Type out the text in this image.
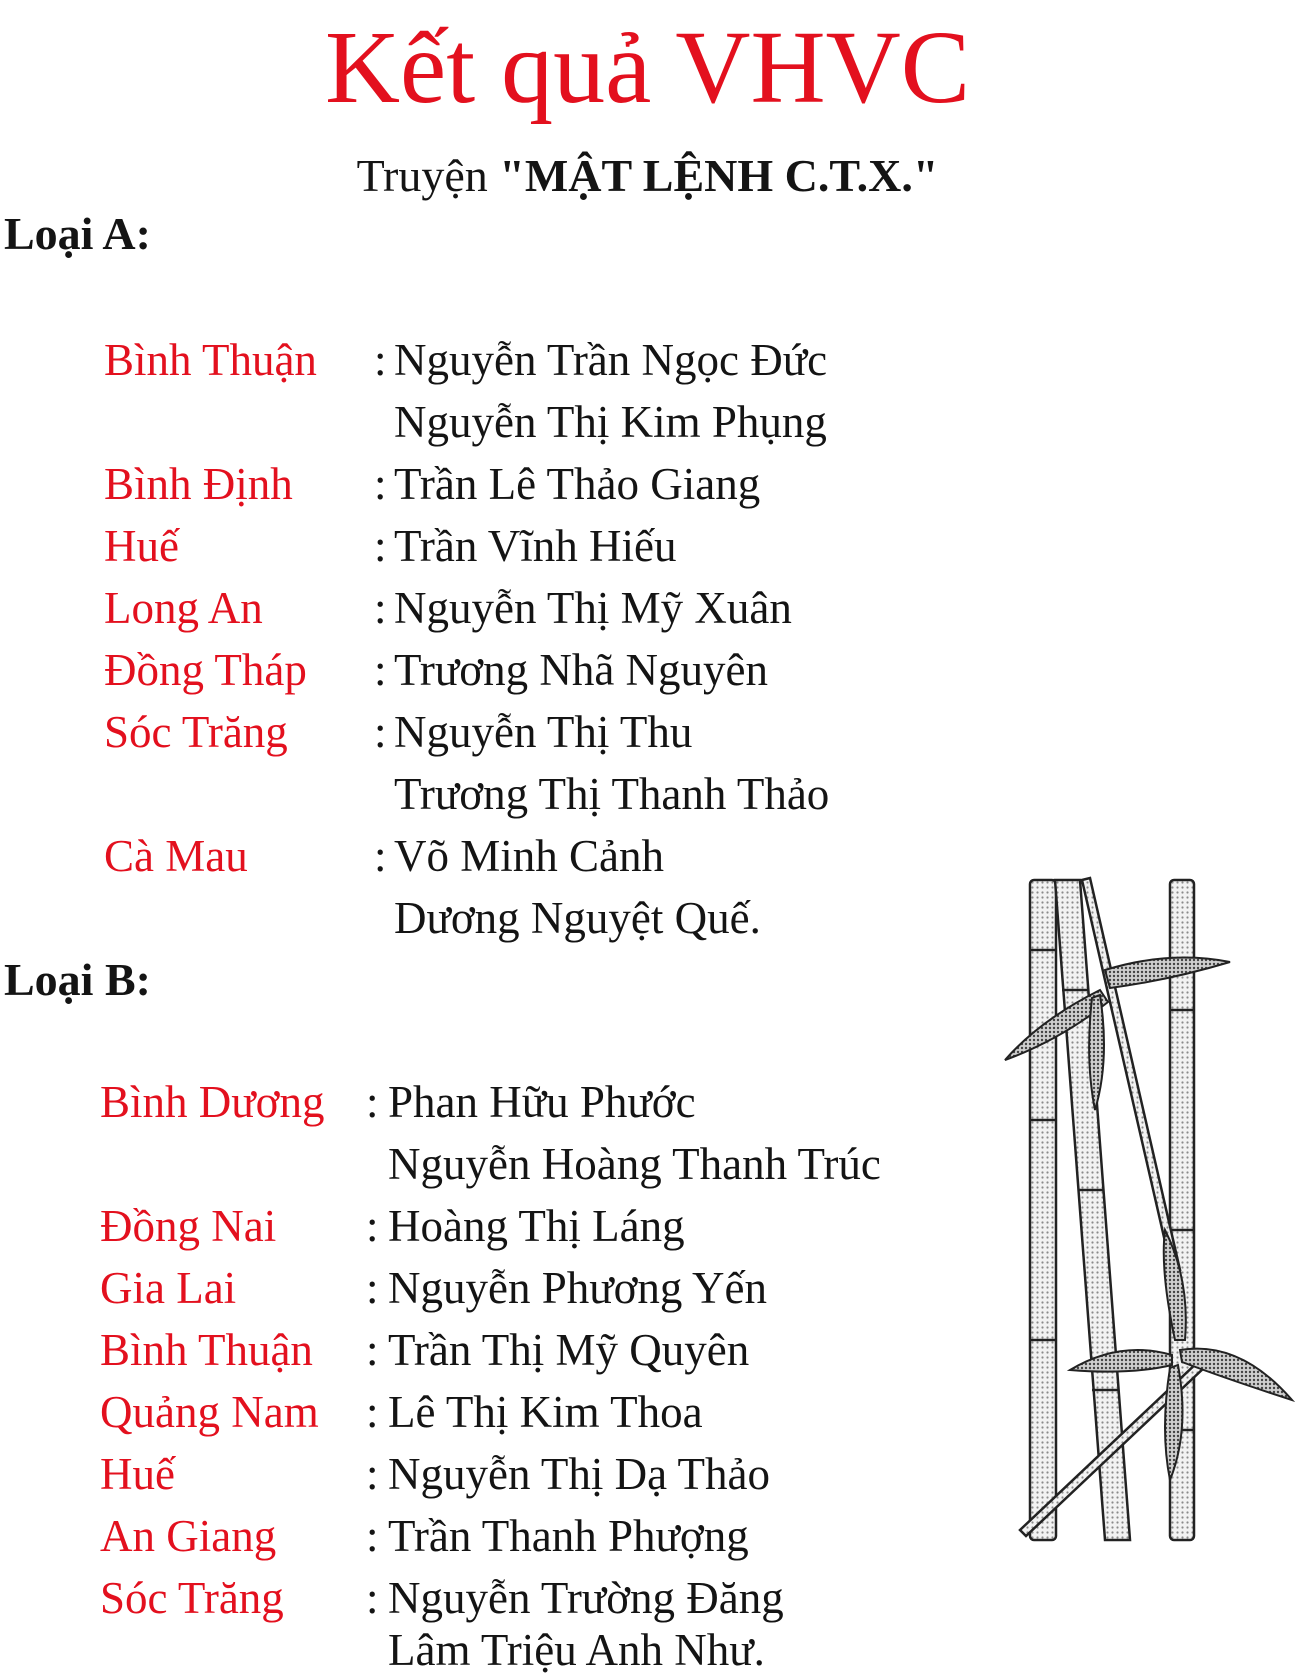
Kết quả VHVC

Truyện "MẬT LỆNH C.T.X."

Loại A:
Bình Thuận : Nguyễn Trần Ngọc Đức
Nguyễn Thị Kim Phụng
Bình Định : Trần Lê Thảo Giang
Huế	: Trần Vĩnh Hiếu
Long An : Nguyễn Thị Mỹ Xuân
Đồng Tháp : Trương Nhã Nguyên
Sóc Trăng : Nguyễn Thị Thu
Trương Thị Thanh Thảo
Cà Mau	: Võ Minh Cảnh
Dương Nguyệt Quế.
Loại B:
Bình Dương : Phan Hữu Phước
Nguyễn Hoàng Thanh Trúc
Đồng Nai : Hoàng Thị Láng
Gia Lai	: Nguyễn Phương Yến
Bình Thuận : Trần Thị Mỹ Quyên
Quảng Nam : Lê Thị Kim Thoa
Huế	: Nguyễn Thị Dạ Thảo
An Giang : Trần Thanh Phượng
Sóc Trăng : Nguyễn Trường Đăng
Lâm Triệu Anh Như.
